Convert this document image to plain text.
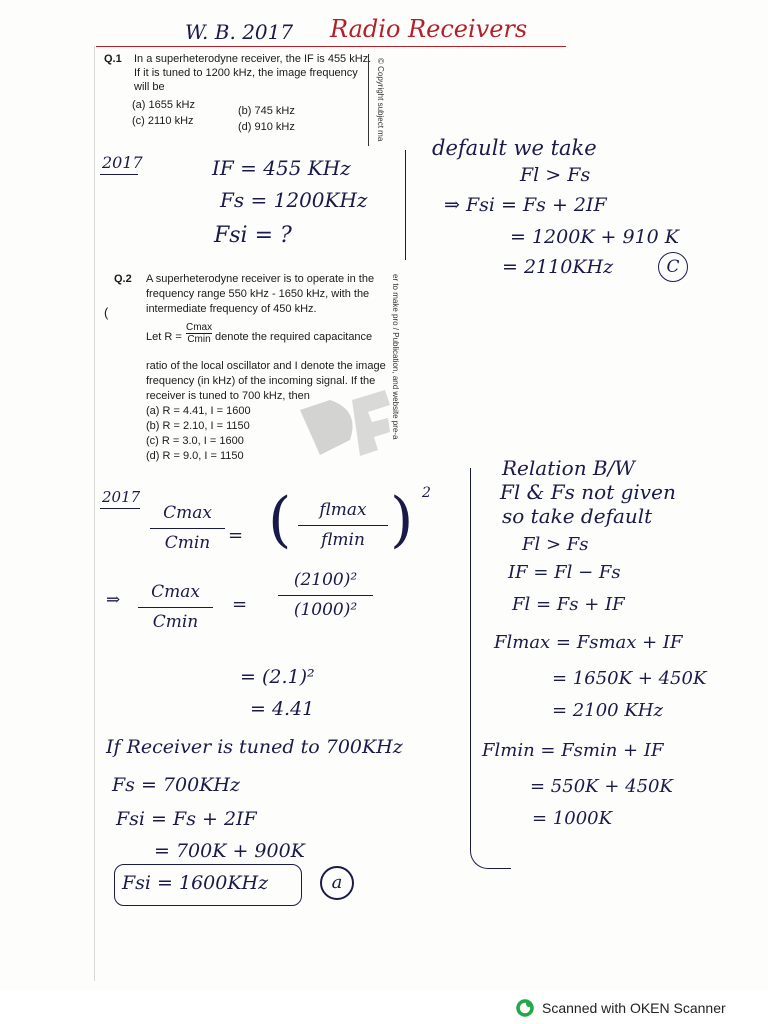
W. B. 2017 Radio Receivers
Q.1 In a superheterodyne receiver, the IF is 455 kHz.
If it is tuned to 1200 kHz, the image frequency
will be
(a) 1655 kHz	(b) 745 kHz
(c) 2110 kHz	(d) 910 kHz	© Copyright subject ma
2017	IF = 455 KHz
Fs = 1200KHz
Fsi = ?
default we take
Fl > Fs
⇒ Fsi = Fs + 2IF
= 1200K + 910 K
= 2110KHz	C
Q.2 A superheterodyne receiver is to operate in the
frequency range 550 kHz - 1650 kHz, with the
intermediate frequency of 450 kHz.
(
Let R =
Cmax
Cmin denote the required capacitance
ratio of the local oscillator and I denote the image
frequency (in kHz) of the incoming signal. If the
receiver is tuned to 700 kHz, then
(a) R = 4.41, I = 1600
(b) R = 2.10, I = 1150
(c) R = 3.0, I = 1600
(d) R = 9.0, I = 1150
er to make pro / Publication, and website pre-a
2017
Cmax
Cmin = (	flmax
flmin ) 2
⇒	Cmax
Cmin
=
(2100)²
(1000)²
= (2.1)²
= 4.41
If Receiver is tuned to 700KHz
Fs = 700KHz
Fsi = Fs + 2IF
= 700K + 900K
Fsi = 1600KHz	a
Relation B/W
Fl & Fs not given
so take default
Fl > Fs
IF = Fl − Fs
Fl = Fs + IF
Flmax = Fsmax + IF
= 1650K + 450K
= 2100 KHz
Flmin = Fsmin + IF
= 550K + 450K
= 1000K
Scanned with OKEN Scanner
